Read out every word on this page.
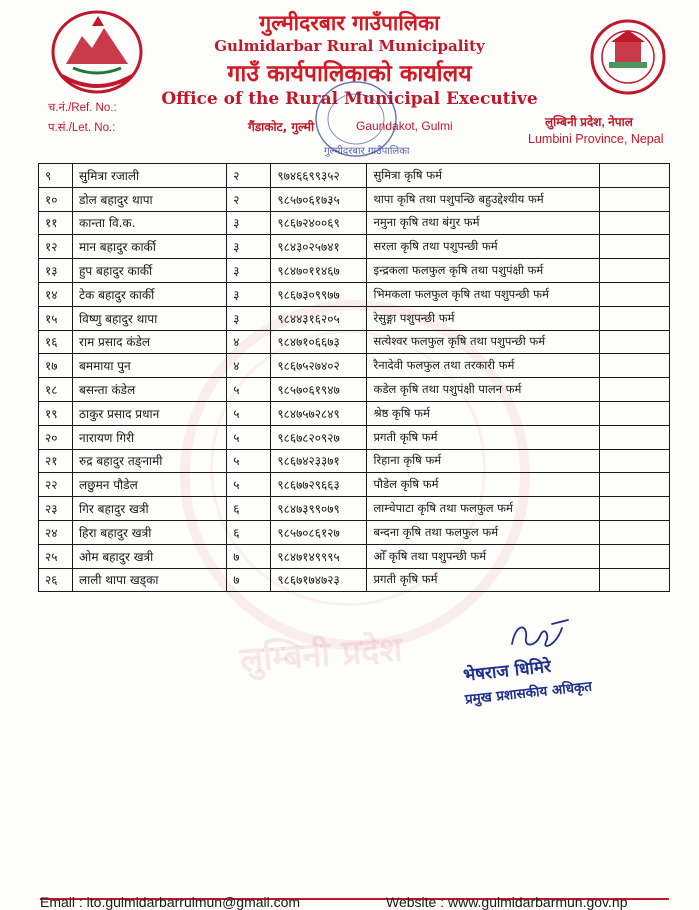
लुम्बिनी प्रदेश
गुल्मीदरबार गाउँपालिका
Gulmidarbar Rural Municipality
गाउँ कार्यपालिकाको कार्यालय
Office of the Rural Municipal Executive
च.नं./Ref. No.:
प.सं./Let. No.:	गैंडाकोट, गुल्मी	Gaundakot, Gulmi	लुम्बिनी प्रदेश, नेपाल
Lumbini Province, Nepal
गुल्मीदरबार गाउँपालिका
९	सुमित्रा रजाली	२	९७४६६९९३५२	सुमित्रा कृषि फर्म	
१०	डोल बहादुर थापा	२	९८५७०६१७३५	थापा कृषि तथा पशुपन्छि बहुउद्देश्यीय फर्म	
११	कान्ता वि.क.	३	९८६७२४००६९	नमुना कृषि तथा बंगुर फर्म	
१२	मान बहादुर कार्की	३	९८४३०२५७४१	सरला कृषि तथा पशुपन्छी फर्म	
१३	हुप बहादुर कार्की	३	९८४७०११४६७	इन्द्रकला फलफुल कृषि तथा पशुपंक्षी फर्म	
१४	टेक बहादुर कार्की	३	९८६७३०९९७७	भिमकला फलफुल कृषि तथा पशुपन्छी फर्म	
१५	विष्णु बहादुर थापा	३	९८४४३१६२०५	रेसुङ्गा पशुपन्छी फर्म	
१६	राम प्रसाद कंडेल	४	९८४७१०६६७३	सत्येश्वर फलफुल कृषि तथा पशुपन्छी फर्म	
१७	बममाया पुन	४	९८६७५२७४०२	रैनादेवी फलफुल तथा तरकारी फर्म	
१८	बसन्ता कंडेल	५	९८५७०६१९४७	कडेल कृषि तथा पशुपंक्षी पालन फर्म	
१९	ठाकुर प्रसाद प्रधान	५	९८४७५७२८४९	श्रेष्ठ कृषि फर्म	
२०	नारायण गिरी	५	९८६७८२०९२७	प्रगती कृषि फर्म	
२१	रुद्र बहादुर तङ्नामी	५	९८६७४२३३७१	रिहाना कृषि फर्म	
२२	लछुमन पौडेल	५	९८६७७२९६६३	पौडेल कृषि फर्म	
२३	गिर बहादुर खत्री	६	९८४७३९९०७९	लाम्चेपाटा कृषि तथा फलफुल फर्म	
२४	हिरा बहादुर खत्री	६	९८५७०८६१२७	बन्दना कृषि तथा फलफुल फर्म	
२५	ओम बहादुर खत्री	७	९८४७१४९९९५	ओँ कृषि तथा पशुपन्छी फर्म	
२६	लाली थापा खड्का	७	९८६७१७४७२३	प्रगती कृषि फर्म	
भेषराज धिमिरे
प्रमुख प्रशासकीय अधिकृत
Email : ito.gulmidarbarrulmun@gmail.com	Website : www.gulmidarbarmun.gov.np
